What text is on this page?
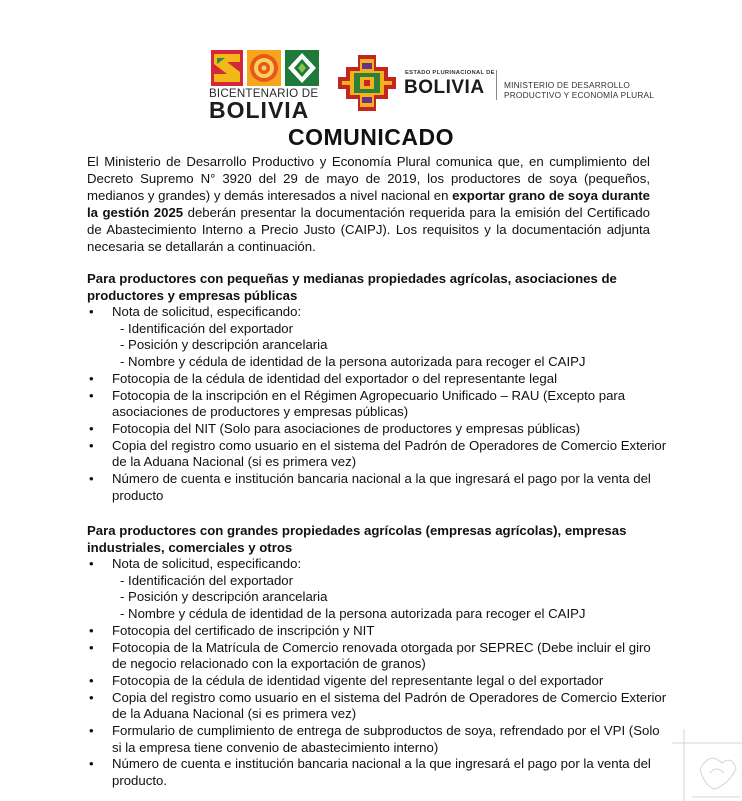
BICENTENARIO DE
BOLIVIA
ESTADO PLURINACIONAL DE
BOLIVIA MINISTERIO DE DESARROLLO
PRODUCTIVO Y ECONOMÍA PLURAL
COMUNICADO
El Ministerio de Desarrollo Productivo y Economía Plural comunica que, en cumplimiento del Decreto Supremo N° 3920 del 29 de mayo de 2019, los productores de soya (pequeños, medianos y grandes) y demás interesados a nivel nacional en exportar grano de soya durante la gestión 2025 deberán presentar la documentación requerida para la emisión del Certificado de Abastecimiento Interno a Precio Justo (CAIPJ). Los requisitos y la documentación adjunta necesaria se detallarán a continuación.
Para productores con pequeñas y medianas propiedades agrícolas, asociaciones de productores y empresas públicas
• Nota de solicitud, especificando:
- Identificación del exportador
- Posición y descripción arancelaria
- Nombre y cédula de identidad de la persona autorizada para recoger el CAIPJ
• Fotocopia de la cédula de identidad del exportador o del representante legal
• Fotocopia de la inscripción en el Régimen Agropecuario Unificado – RAU (Excepto para asociaciones de productores y empresas públicas)
• Fotocopia del NIT (Solo para asociaciones de productores y empresas públicas)
• Copia del registro como usuario en el sistema del Padrón de Operadores de Comercio Exterior de la Aduana Nacional (si es primera vez)
• Número de cuenta e institución bancaria nacional a la que ingresará el pago por la venta del producto
Para productores con grandes propiedades agrícolas (empresas agrícolas), empresas industriales, comerciales y otros
• Nota de solicitud, especificando:
- Identificación del exportador
- Posición y descripción arancelaria
- Nombre y cédula de identidad de la persona autorizada para recoger el CAIPJ
• Fotocopia del certificado de inscripción y NIT
• Fotocopia de la Matrícula de Comercio renovada otorgada por SEPREC (Debe incluir el giro de negocio relacionado con la exportación de granos)
• Fotocopia de la cédula de identidad vigente del representante legal o del exportador
• Copia del registro como usuario en el sistema del Padrón de Operadores de Comercio Exterior de la Aduana Nacional (si es primera vez)
• Formulario de cumplimiento de entrega de subproductos de soya, refrendado por el VPI (Solo si la empresa tiene convenio de abastecimiento interno)
• Número de cuenta e institución bancaria nacional a la que ingresará el pago por la venta del producto.
